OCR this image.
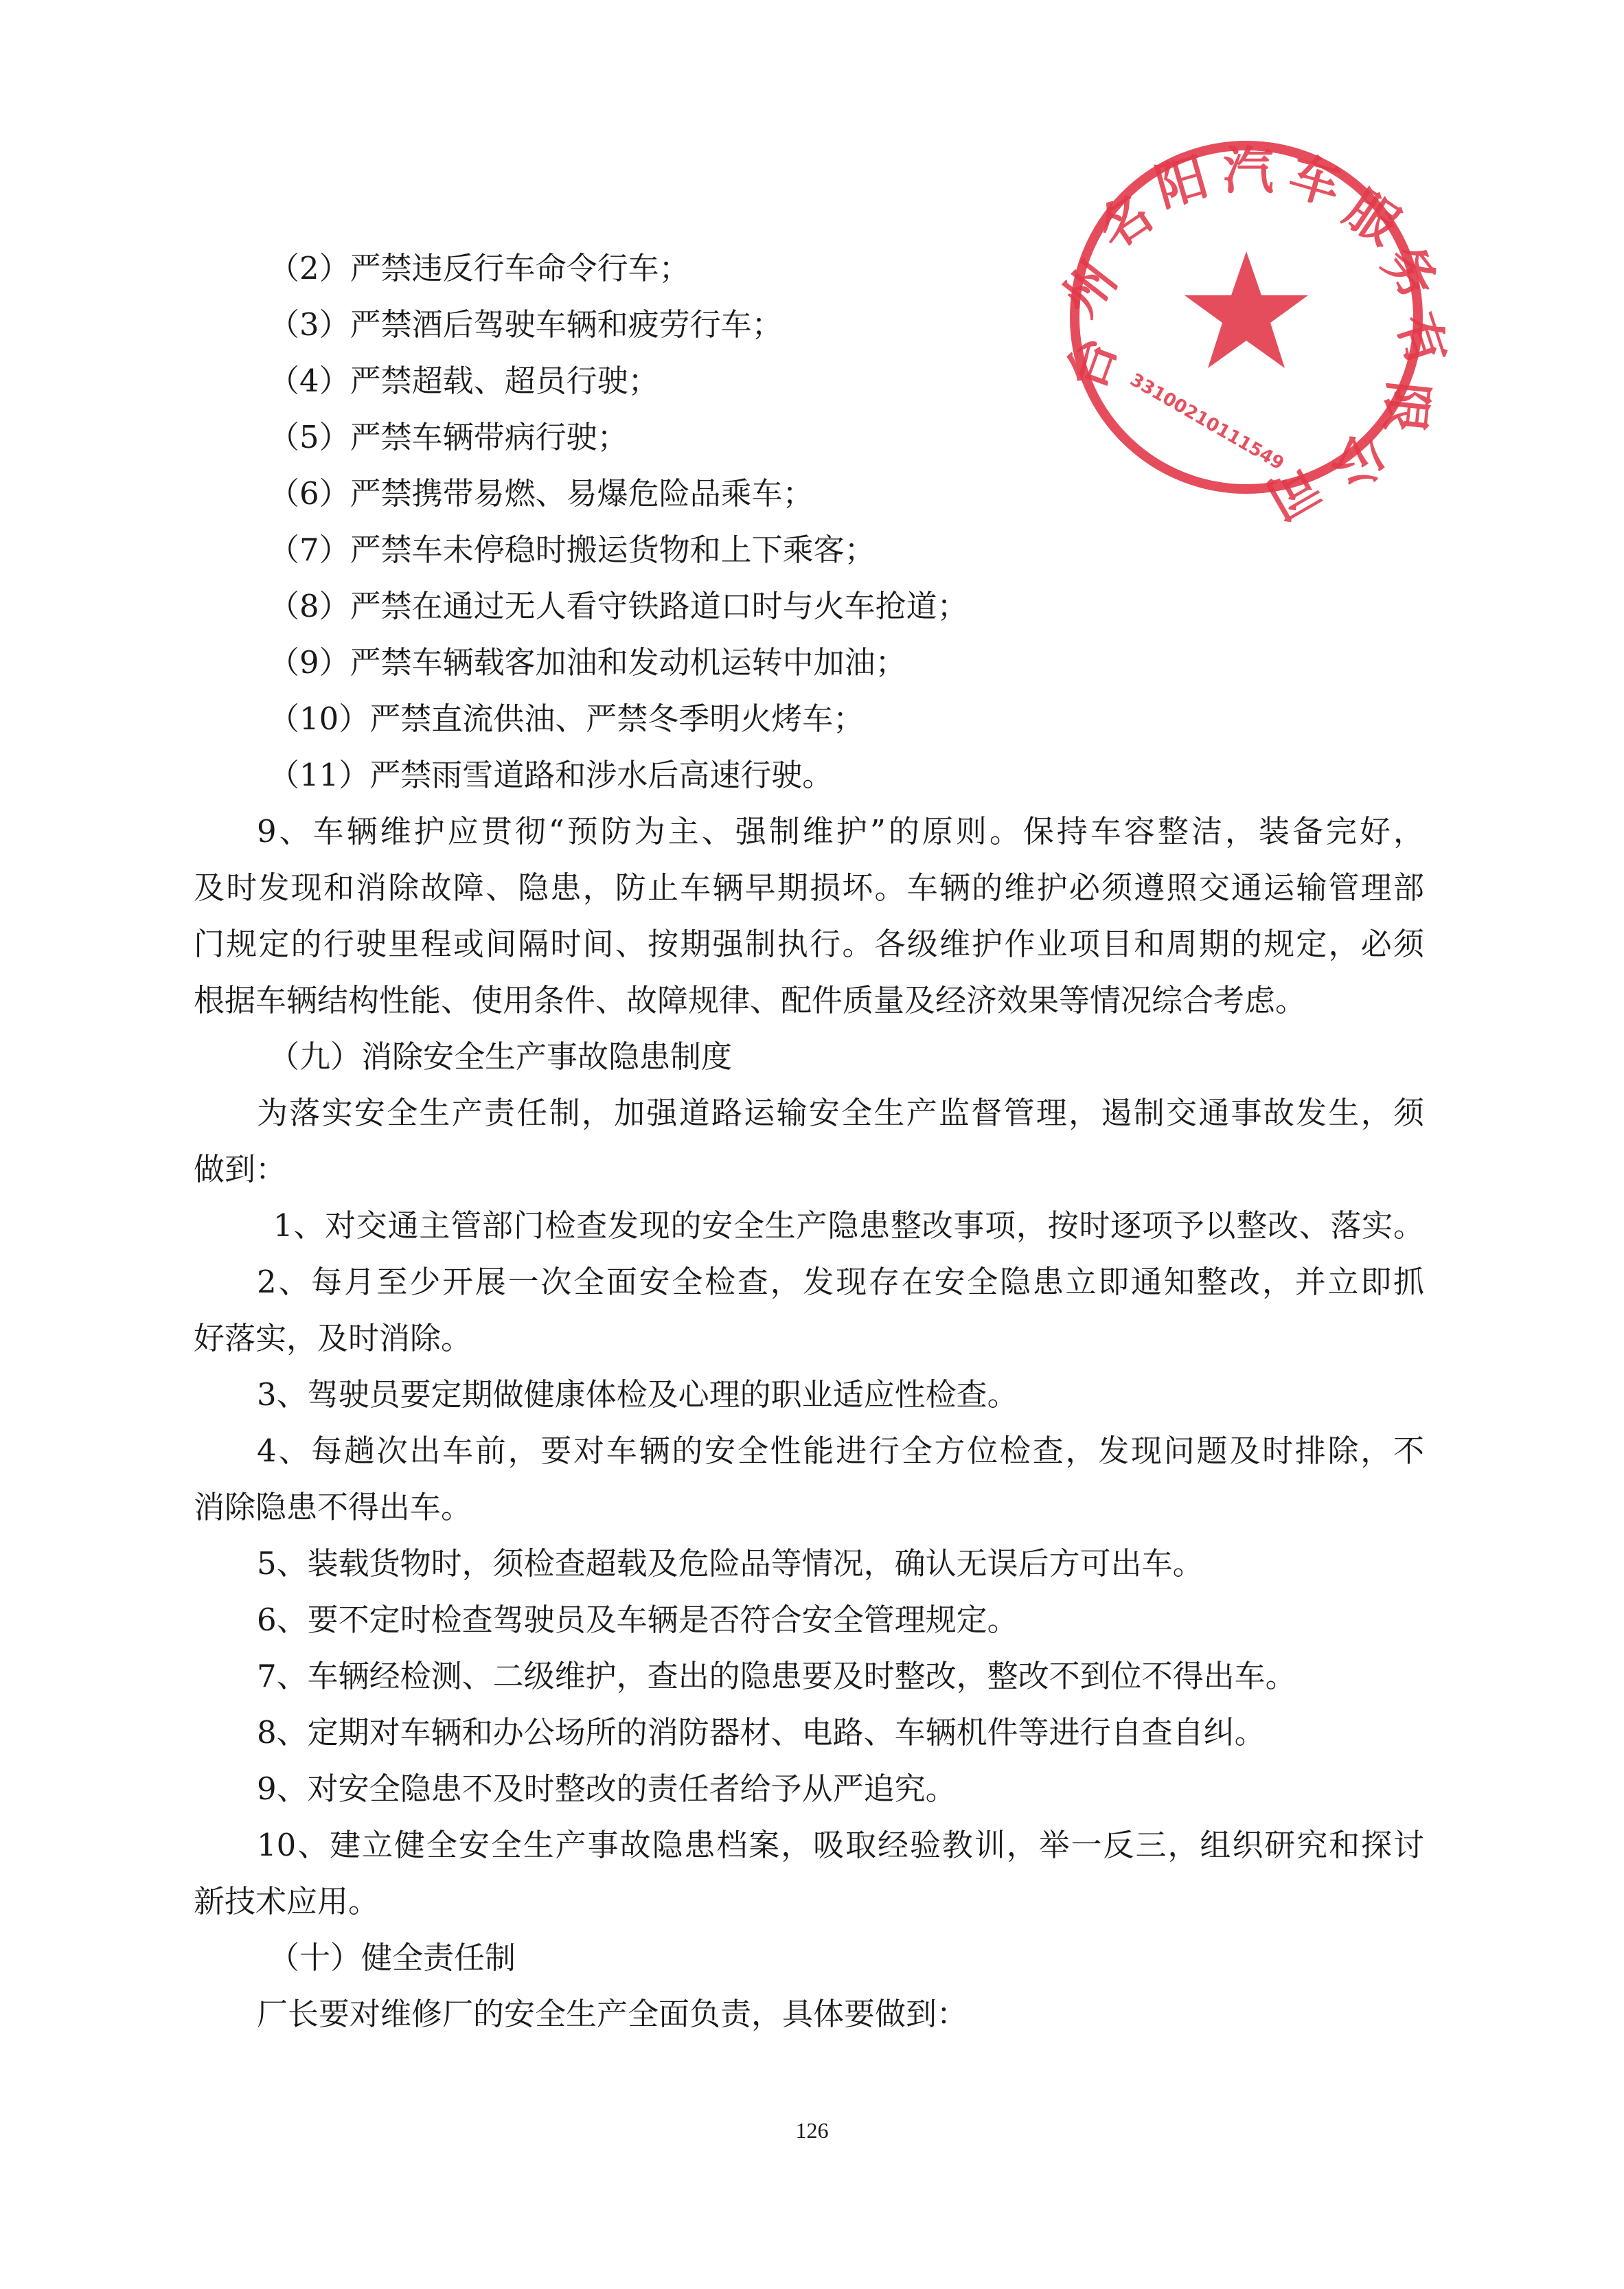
台
州
名
阳 汽 车
服
务
有
限
公
司
3310021011154​9
（2）严禁违反行车命令行车；
（3）严禁酒后驾驶车辆和疲劳行车；
（4）严禁超载、超员行驶；
（5）严禁车辆带病行驶；
（6）严禁携带易燃、易爆危险品乘车；
（7）严禁车未停稳时搬运货物和上下乘客；
（8）严禁在通过无人看守铁路道口时与火车抢道；
（9）严禁车辆载客加油和发动机运转中加油；
（10）严禁直流供油、严禁冬季明火烤车；
（11）严禁雨雪道路和涉水后高速行驶。
9、车辆维护应贯彻“预防为主、强制维护”的原则。保持车容整洁，装备完好，
及时发现和消除故障、隐患，防止车辆早期损坏。车辆的维护必须遵照交通运输管理部
门规定的行驶里程或间隔时间、按期强制执行。各级维护作业项目和周期的规定，必须
根据车辆结构性能、使用条件、故障规律、配件质量及经济效果等情况综合考虑。
（九）消除安全生产事故隐患制度
为落实安全生产责任制，加强道路运输安全生产监督管理，遏制交通事故发生，须
做到：
1、对交通主管部门检查发现的安全生产隐患整改事项，按时逐项予以整改、落实。
2、每月至少开展一次全面安全检查，发现存在安全隐患立即通知整改，并立即抓
好落实，及时消除。
3、驾驶员要定期做健康体检及心理的职业适应性检查。
4、每趟次出车前，要对车辆的安全性能进行全方位检查，发现问题及时排除，不
消除隐患不得出车。
5、装载货物时，须检查超载及危险品等情况，确认无误后方可出车。
6、要不定时检查驾驶员及车辆是否符合安全管理规定。
7、车辆经检测、二级维护，查出的隐患要及时整改，整改不到位不得出车。
8、定期对车辆和办公场所的消防器材、电路、车辆机件等进行自查自纠。
9、对安全隐患不及时整改的责任者给予从严追究。
10、建立健全安全生产事故隐患档案，吸取经验教训，举一反三，组织研究和探讨
新技术应用。
（十）健全责任制
厂长要对维修厂的安全生产全面负责，具体要做到：
126
